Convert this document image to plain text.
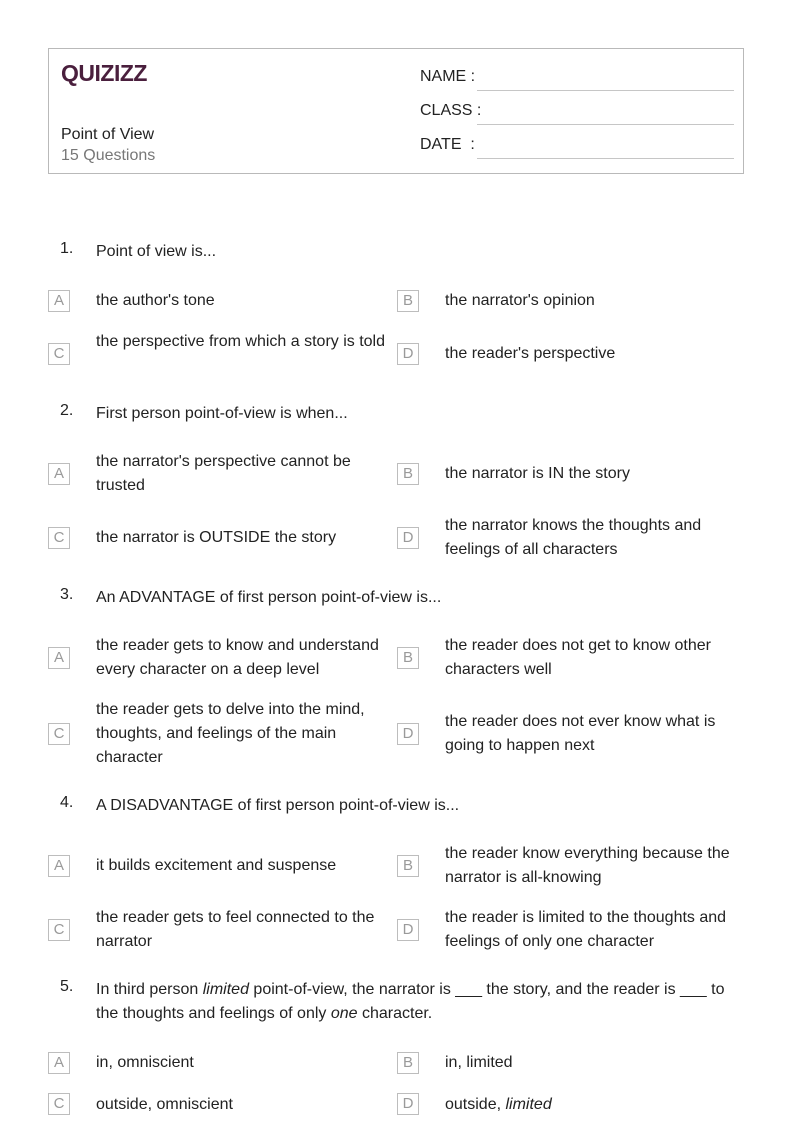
QUIZIZZ
Point of View
15 Questions
NAME :
CLASS :
DATE  :
1. Point of view is...
A	the author's tone	B	the narrator's opinion
C
the perspective from which a story is told
D	the reader's perspective
2. First person point-of-view is when...
A
the narrator's perspective cannot be trusted
B	the narrator is IN the story
C	the narrator is OUTSIDE the story	D
the narrator knows the thoughts and feelings of all characters
3. An ADVANTAGE of first person point-of-view is...
A
the reader gets to know and understand every character on a deep level
B
the reader does not get to know other characters well
C
the reader gets to delve into the mind, thoughts, and feelings of the main character
D
the reader does not ever know what is going to happen next
4. A DISADVANTAGE of first person point-of-view is...
A	it builds excitement and suspense	B
the reader know everything because the narrator is all-knowing
C
the reader gets to feel connected to the narrator
D
the reader is limited to the thoughts and feelings of only one character
5. In third person limited point-of-view, the narrator is ___ the story, and the reader is ___ to the thoughts and feelings of only one character.
A	in, omniscient	B	in, limited
C	outside, omniscient	D	outside, limited
